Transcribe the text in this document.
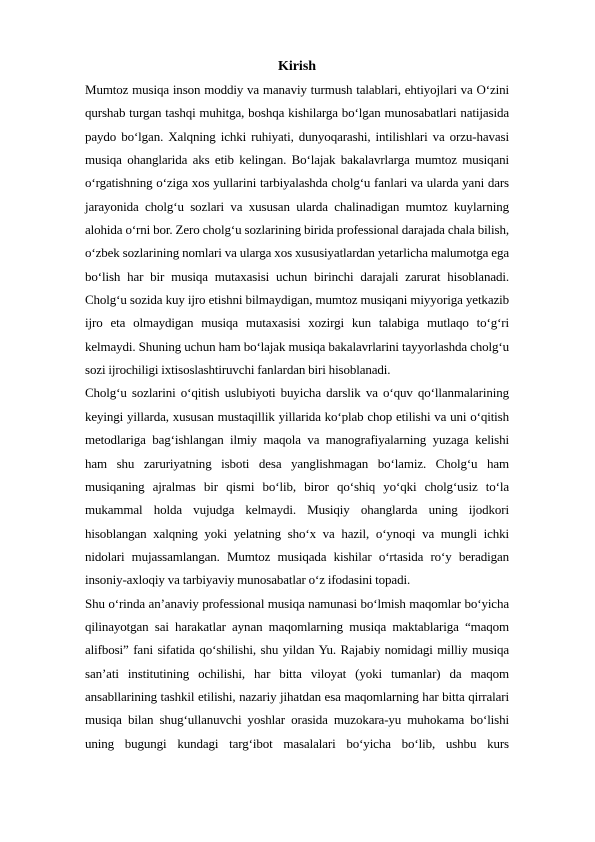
Kirish

Mumtoz musiqa inson moddiy va manaviy turmush talablari, ehtiyojlari va O‘zini qurshab turgan tashqi muhitga, boshqa kishilarga bo‘lgan munosabatlari natijasida paydo bo‘lgan. Xalqning ichki ruhiyati, dunyoqarashi, intilishlari va orzu-havasi musiqa ohanglarida aks etib kelingan. Bo‘lajak bakalavrlarga mumtoz musiqani o‘rgatishning o‘ziga xos yullarini tarbiyalashda cholg‘u fanlari va ularda yani dars jarayonida cholg‘u sozlari va xususan ularda chalinadigan mumtoz kuylarning alohida o‘rni bor. Zero cholg‘u sozlarining birida professional darajada chala bilish, o‘zbek sozlarining nomlari va ularga xos xususiyatlardan yetarlicha malumotga ega bo‘lish har bir musiqa mutaxasisi uchun birinchi darajali zarurat hisoblanadi. Cholg‘u sozida kuy ijro etishni bilmaydigan, mumtoz musiqani miyyoriga yetkazib ijro eta olmaydigan musiqa mutaxasisi xozirgi kun talabiga mutlaqo to‘g‘ri kelmaydi. Shuning uchun ham bo‘lajak musiqa bakalavrlarini tayyorlashda cholg‘u sozi ijrochiligi ixtisoslashtiruvchi fanlardan biri hisoblanadi.

Cholg‘u sozlarini o‘qitish uslubiyoti buyicha darslik va o‘quv qo‘llanmalarining keyingi yillarda, xususan mustaqillik yillarida ko‘plab chop etilishi va uni o‘qitish metodlariga bag‘ishlangan ilmiy maqola va manografiyalarning yuzaga kelishi ham shu zaruriyatning isboti desa yanglishmagan bo‘lamiz. Cholg‘u ham musiqaning ajralmas bir qismi bo‘lib, biror qo‘shiq yo‘qki cholg‘usiz to‘la mukammal holda vujudga kelmaydi. Musiqiy ohanglarda uning ijodkori hisoblangan xalqning yoki yelatning sho‘x va hazil, o‘ynoqi va mungli ichki nidolari mujassamlangan. Mumtoz musiqada kishilar o‘rtasida ro‘y beradigan insoniy-axloqiy va tarbiyaviy munosabatlar o‘z ifodasini topadi.

Shu o‘rinda an’anaviy professional musiqa namunasi bo‘lmish maqomlar bo‘yicha qilinayotgan sai harakatlar aynan maqomlarning musiqa maktablariga “maqom alifbosi” fani sifatida qo‘shilishi, shu yildan Yu. Rajabiy nomidagi milliy musiqa san’ati institutining ochilishi, har bitta viloyat (yoki tumanlar) da maqom ansabllarining tashkil etilishi, nazariy jihatdan esa maqomlarning har bitta qirralari musiqa bilan shug‘ullanuvchi yoshlar orasida muzokara-yu muhokama bo‘lishi uning bugungi kundagi targ‘ibot masalalari bo‘yicha bo‘lib, ushbu kurs
